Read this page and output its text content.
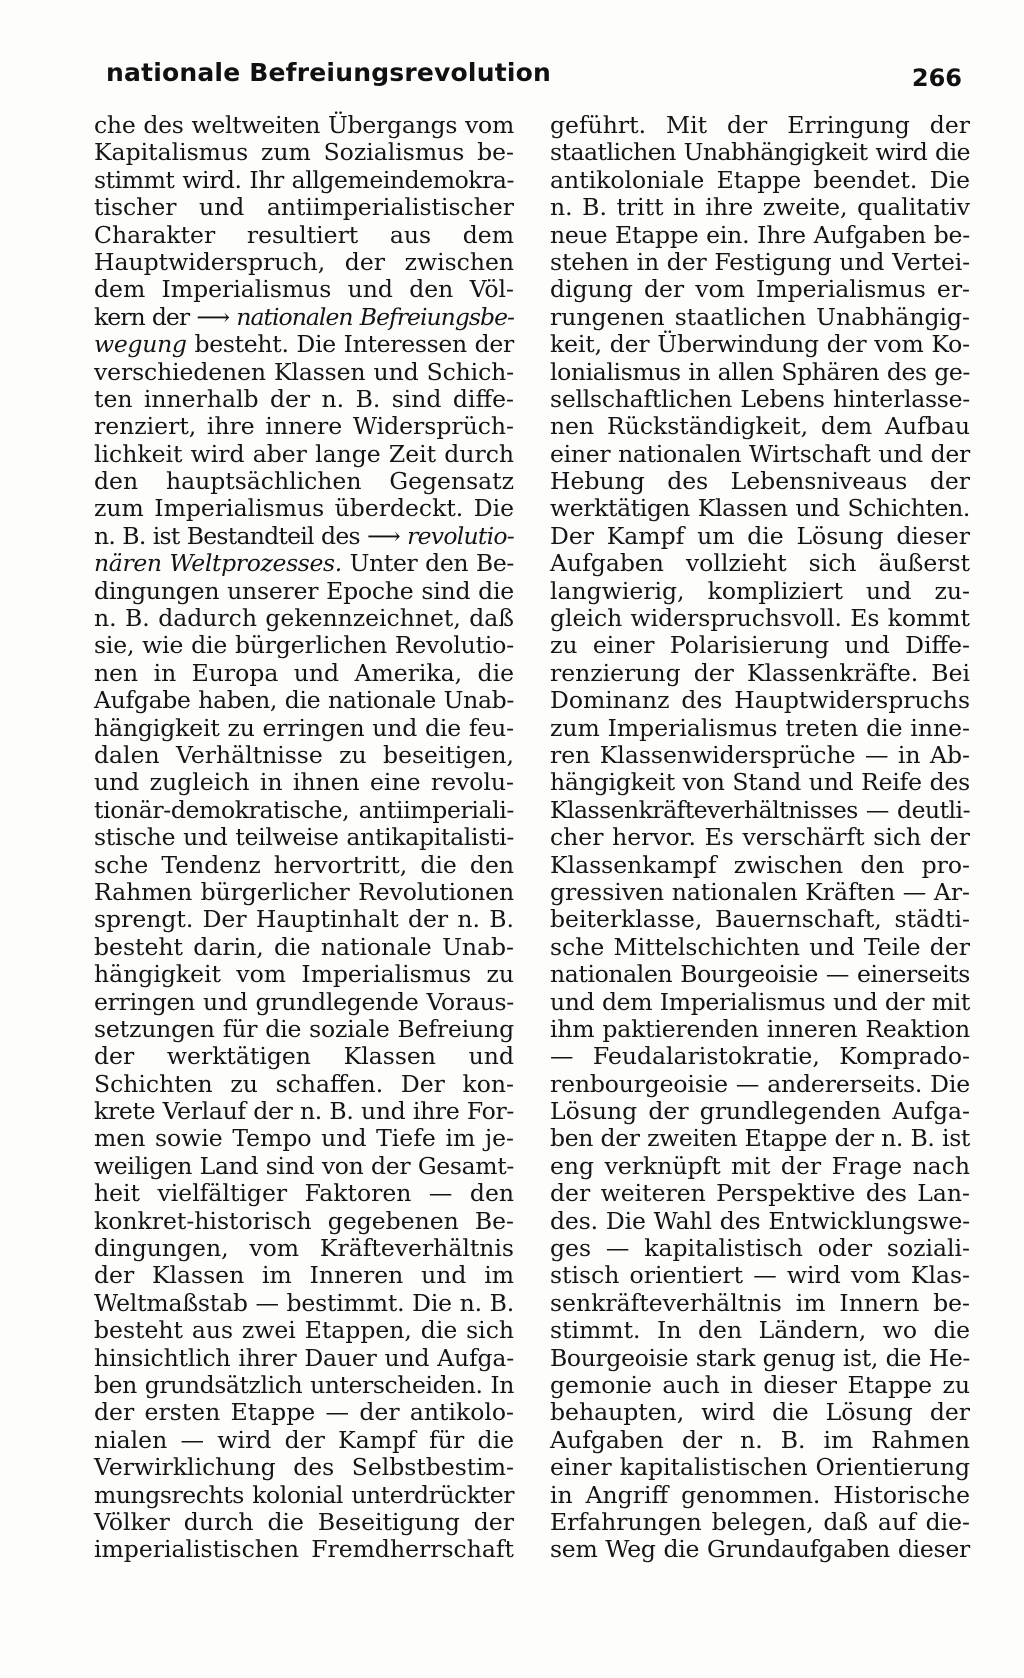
nationale Befreiungsrevolution	266
che des weltweiten Übergangs vom
Kapitalismus zum Sozialismus be-
stimmt wird. Ihr allgemeindemokra-
tischer und antiimperialistischer
Charakter resultiert aus dem
Hauptwiderspruch, der zwischen
dem Imperialismus und den Völ-
kern der ⟶ nationalen Befreiungsbe-
wegung besteht. Die Interessen der
verschiedenen Klassen und Schich-
ten innerhalb der n. B. sind diffe-
renziert, ihre innere Widersprüch-
lichkeit wird aber lange Zeit durch
den hauptsächlichen Gegensatz
zum Imperialismus überdeckt. Die
n. B. ist Bestandteil des ⟶ revolutio-
nären Weltprozesses. Unter den Be-
dingungen unserer Epoche sind die
n. B. dadurch gekennzeichnet, daß
sie, wie die bürgerlichen Revolutio-
nen in Europa und Amerika, die
Aufgabe haben, die nationale Unab-
hängigkeit zu erringen und die feu-
dalen Verhältnisse zu beseitigen,
und zugleich in ihnen eine revolu-
tionär-demokratische, antiimperiali-
stische und teilweise antikapitalisti-
sche Tendenz hervortritt, die den
Rahmen bürgerlicher Revolutionen
sprengt. Der Hauptinhalt der n. B.
besteht darin, die nationale Unab-
hängigkeit vom Imperialismus zu
erringen und grundlegende Voraus-
setzungen für die soziale Befreiung
der werktätigen Klassen und
Schichten zu schaffen. Der kon-
krete Verlauf der n. B. und ihre For-
men sowie Tempo und Tiefe im je-
weiligen Land sind von der Gesamt-
heit vielfältiger Faktoren — den
konkret-historisch gegebenen Be-
dingungen, vom Kräfteverhältnis
der Klassen im Inneren und im
Weltmaßstab — bestimmt. Die n. B.
besteht aus zwei Etappen, die sich
hinsichtlich ihrer Dauer und Aufga-
ben grundsätzlich unterscheiden. In
der ersten Etappe — der antikolo-
nialen — wird der Kampf für die
Verwirklichung des Selbstbestim-
mungsrechts kolonial unterdrückter
Völker durch die Beseitigung der
imperialistischen Fremdherrschaft
geführt. Mit der Erringung der
staatlichen Unabhängigkeit wird die
antikoloniale Etappe beendet. Die
n. B. tritt in ihre zweite, qualitativ
neue Etappe ein. Ihre Aufgaben be-
stehen in der Festigung und Vertei-
digung der vom Imperialismus er-
rungenen staatlichen Unabhängig-
keit, der Überwindung der vom Ko-
lonialismus in allen Sphären des ge-
sellschaftlichen Lebens hinterlasse-
nen Rückständigkeit, dem Aufbau
einer nationalen Wirtschaft und der
Hebung des Lebensniveaus der
werktätigen Klassen und Schichten.
Der Kampf um die Lösung dieser
Aufgaben vollzieht sich äußerst
langwierig, kompliziert und zu-
gleich widerspruchsvoll. Es kommt
zu einer Polarisierung und Diffe-
renzierung der Klassenkräfte. Bei
Dominanz des Hauptwiderspruchs
zum Imperialismus treten die inne-
ren Klassenwidersprüche — in Ab-
hängigkeit von Stand und Reife des
Klassenkräfteverhältnisses — deutli-
cher hervor. Es verschärft sich der
Klassenkampf zwischen den pro-
gressiven nationalen Kräften — Ar-
beiterklasse, Bauernschaft, städti-
sche Mittelschichten und Teile der
nationalen Bourgeoisie — einerseits
und dem Imperialismus und der mit
ihm paktierenden inneren Reaktion
— Feudalaristokratie, Komprado-
renbourgeoisie — andererseits. Die
Lösung der grundlegenden Aufga-
ben der zweiten Etappe der n. B. ist
eng verknüpft mit der Frage nach
der weiteren Perspektive des Lan-
des. Die Wahl des Entwicklungswe-
ges — kapitalistisch oder soziali-
stisch orientiert — wird vom Klas-
senkräfteverhältnis im Innern be-
stimmt. In den Ländern, wo die
Bourgeoisie stark genug ist, die He-
gemonie auch in dieser Etappe zu
behaupten, wird die Lösung der
Aufgaben der n. B. im Rahmen
einer kapitalistischen Orientierung
in Angriff genommen. Historische
Erfahrungen belegen, daß auf die-
sem Weg die Grundaufgaben dieser
